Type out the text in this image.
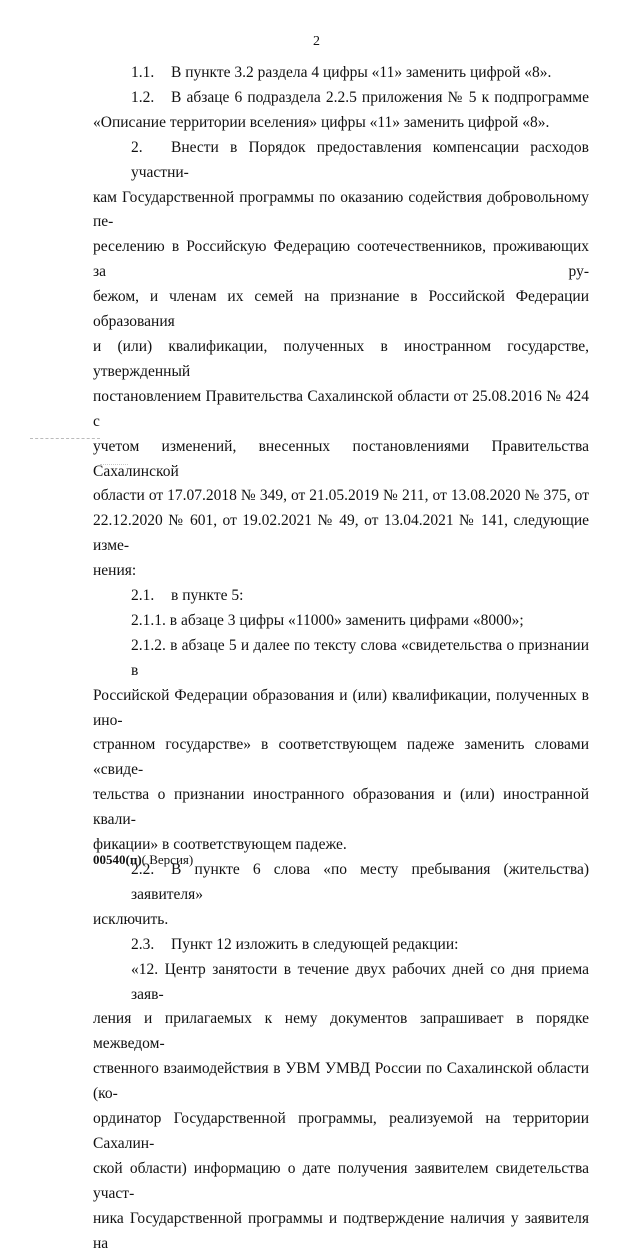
2
1.1. В пункте 3.2 раздела 4 цифры «11» заменить цифрой «8».
1.2. В абзаце 6 подраздела 2.2.5 приложения № 5 к подпрограмме
«Описание территории вселения» цифры «11» заменить цифрой «8».
2. Внести в Порядок предоставления компенсации расходов участни-
кам Государственной программы по оказанию содействия добровольному пе-
реселению в Российскую Федерацию соотечественников, проживающих за ру-
бежом, и членам их семей на признание в Российской Федерации образования
и (или) квалификации, полученных в иностранном государстве, утвержденный
постановлением Правительства Сахалинской области от 25.08.2016 № 424 с
учетом изменений, внесенных постановлениями Правительства Сахалинской
области от 17.07.2018 № 349, от 21.05.2019 № 211, от 13.08.2020 № 375, от
22.12.2020 № 601, от 19.02.2021 № 49, от 13.04.2021 № 141, следующие изме-
нения:
2.1. в пункте 5:
2.1.1. в абзаце 3 цифры «11000» заменить цифрами «8000»;
2.1.2. в абзаце 5 и далее по тексту слова «свидетельства о признании в
Российской Федерации образования и (или) квалификации, полученных в ино-
странном государстве» в соответствующем падеже заменить словами «свиде-
тельства о признании иностранного образования и (или) иностранной квали-
фикации» в соответствующем падеже.
2.2. В пункте 6 слова «по месту пребывания (жительства) заявителя»
исключить.
2.3. Пункт 12 изложить в следующей редакции:
«12. Центр занятости в течение двух рабочих дней со дня приема заяв-
ления и прилагаемых к нему документов запрашивает в порядке межведом-
ственного взаимодействия в УВМ УМВД России по Сахалинской области (ко-
ординатор Государственной программы, реализуемой на территории Сахалин-
ской области) информацию о дате получения заявителем свидетельства участ-
ника Государственной программы и подтверждение наличия у заявителя на
00540(п)( Версия)
